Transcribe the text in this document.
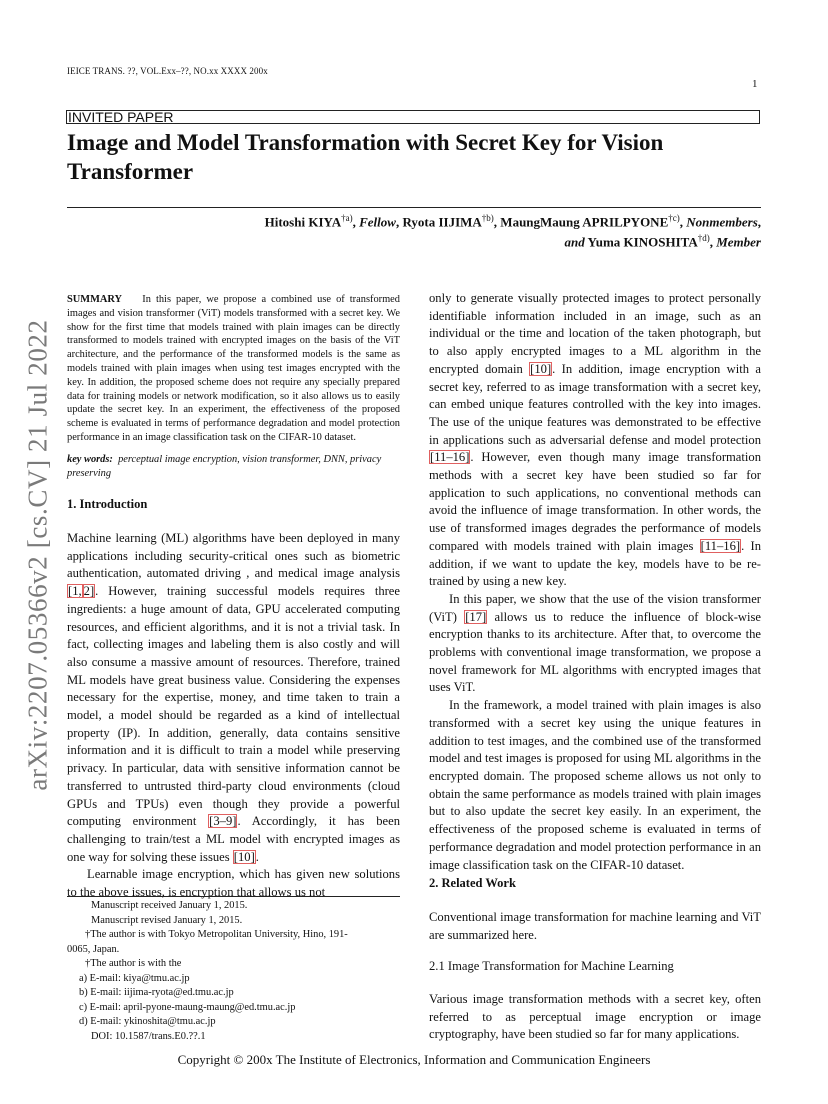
IEICE TRANS. ??, VOL.Exx–??, NO.xx XXXX 200x
1
arXiv:2207.05366v2 [cs.CV] 21 Jul 2022
INVITED PAPER
Image and Model Transformation with Secret Key for Vision Transformer
Hitoshi KIYA$^{\dagger a)}$, Fellow, Ryota IIJIMA$^{\dagger b)}$, MaungMaung APRILPYONE$^{\dagger c)}$, Nonmembers,
and Yuma KINOSHITA$^{\dagger d)}$, Member
SUMMARY In this paper, we propose a combined use of transformed images and vision transformer (ViT) models transformed with a secret key. We show for the first time that models trained with plain images can be directly transformed to models trained with encrypted images on the basis of the ViT architecture, and the performance of the transformed models is the same as models trained with plain images when using test images encrypted with the key. In addition, the proposed scheme does not require any specially prepared data for training models or network modification, so it also allows us to easily update the secret key. In an experiment, the effectiveness of the proposed scheme is evaluated in terms of performance degradation and model protection performance in an image classification task on the CIFAR-10 dataset.
key words: perceptual image encryption, vision transformer, DNN, privacy preserving
1. Introduction

Machine learning (ML) algorithms have been deployed in many applications including security-critical ones such as biometric authentication, automated driving , and medical image analysis [1, 2]. However, training successful models requires three ingredients: a huge amount of data, GPU accelerated computing resources, and efficient algorithms, and it is not a trivial task. In fact, collecting images and labeling them is also costly and will also consume a massive amount of resources. Therefore, trained ML models have great business value. Considering the expenses necessary for the expertise, money, and time taken to train a model, a model should be regarded as a kind of intellectual property (IP). In addition, generally, data contains sensitive information and it is difficult to train a model while preserving privacy. In particular, data with sensitive information cannot be transferred to untrusted third-party cloud environments (cloud GPUs and TPUs) even though they provide a powerful computing environment [3–9]. Accordingly, it has been challenging to train/test a ML model with encrypted images as one way for solving these issues [10].

Learnable image encryption, which has given new solutions to the above issues, is encryption that allows us not

Manuscript received January 1, 2015.
Manuscript revised January 1, 2015.
†The author is with Tokyo Metropolitan University, Hino, 191-
0065, Japan.
†The author is with the
a) E-mail: kiya@tmu.ac.jp
b) E-mail: iijima-ryota@ed.tmu.ac.jp
c) E-mail: april-pyone-maung-maung@ed.tmu.ac.jp
d) E-mail: ykinoshita@tmu.ac.jp
DOI: 10.1587/trans.E0.??.1

only to generate visually protected images to protect personally identifiable information included in an image, such as an individual or the time and location of the taken photograph, but to also apply encrypted images to a ML algorithm in the encrypted domain [10]. In addition, image encryption with a secret key, referred to as image transformation with a secret key, can embed unique features controlled with the key into images. The use of the unique features was demonstrated to be effective in applications such as adversarial defense and model protection [11–16]. However, even though many image transformation methods with a secret key have been studied so far for application to such applications, no conventional methods can avoid the influence of image transformation. In other words, the use of transformed images degrades the performance of models compared with models trained with plain images [11–16]. In addition, if we want to update the key, models have to be re-trained by using a new key.

In this paper, we show that the use of the vision transformer (ViT) [17] allows us to reduce the influence of block-wise encryption thanks to its architecture. After that, to overcome the problems with conventional image transformation, we propose a novel framework for ML algorithms with encrypted images that uses ViT.

In the framework, a model trained with plain images is also transformed with a secret key using the unique features in addition to test images, and the combined use of the transformed model and test images is proposed for using ML algorithms in the encrypted domain. The proposed scheme allows us not only to obtain the same performance as models trained with plain images but to also update the secret key easily. In an experiment, the effectiveness of the proposed scheme is evaluated in terms of performance degradation and model protection performance in an image classification task on the CIFAR-10 dataset.

2. Related Work
Conventional image transformation for machine learning and ViT are summarized here.
2.1 Image Transformation for Machine Learning
Various image transformation methods with a secret key, often referred to as perceptual image encryption or image cryptography, have been studied so far for many applications.
Copyright © 200x The Institute of Electronics, Information and Communication Engineers
